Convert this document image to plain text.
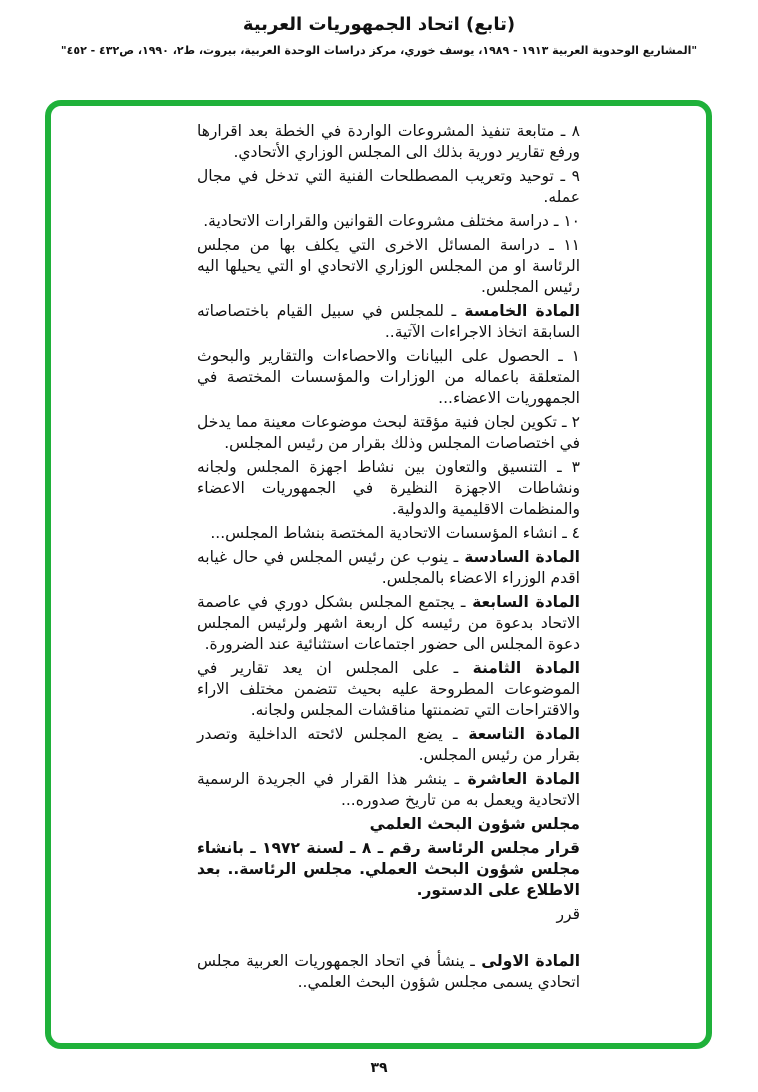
(تابع) اتحاد الجمهوريات العربية
"المشاريع الوحدوية العربية ١٩١٣ - ١٩٨٩، يوسف خوري، مركز دراسات الوحدة العربية، بيروت، ط٢، ١٩٩٠، ص٤٣٢ - ٤٥٢"

٨ ـ متابعة تنفيذ المشروعات الواردة في الخطة بعد اقرارها ورفع تقارير دورية بذلك الى المجلس الوزاري الأتحادي.

٩ ـ توحيد وتعريب المصطلحات الفنية التي تدخل في مجال عمله.

١٠ ـ دراسة مختلف مشروعات القوانين والقرارات الاتحادية.

١١ ـ دراسة المسائل الاخرى التي يكلف بها من مجلس الرئاسة او من المجلس الوزاري الاتحادي او التي يحيلها اليه رئيس المجلس.

المادة الخامسة ـ للمجلس في سبيل القيام باختصاصاته السابقة اتخاذ الاجراءات الآتية..

١ ـ الحصول على البيانات والاحصاءات والتقارير والبحوث المتعلقة باعماله من الوزارات والمؤسسات المختصة في الجمهوريات الاعضاء...

٢ ـ تكوين لجان فنية مؤقتة لبحث موضوعات معينة مما يدخل في اختصاصات المجلس وذلك بقرار من رئيس المجلس.

٣ ـ التنسيق والتعاون بين نشاط اجهزة المجلس ولجانه ونشاطات الاجهزة النظيرة في الجمهوريات الاعضاء والمنظمات الاقليمية والدولية.

٤ ـ انشاء المؤسسات الاتحادية المختصة بنشاط المجلس...

المادة السادسة ـ ينوب عن رئيس المجلس في حال غيابه اقدم الوزراء الاعضاء بالمجلس.

المادة السابعة ـ يجتمع المجلس بشكل دوري في عاصمة الاتحاد بدعوة من رئيسه كل اربعة اشهر ولرئيس المجلس دعوة المجلس الى حضور اجتماعات استثنائية عند الضرورة.

المادة الثامنة ـ على المجلس ان يعد تقارير في الموضوعات المطروحة عليه بحيث تتضمن مختلف الاراء والاقتراحات التي تضمنتها مناقشات المجلس ولجانه.

المادة التاسعة ـ يضع المجلس لائحته الداخلية وتصدر بقرار من رئيس المجلس.

المادة العاشرة ـ ينشر هذا القرار في الجريدة الرسمية الاتحادية ويعمل به من تاريخ صدوره...

مجلس شؤون البحث العلمي

قرار مجلس الرئاسة رقم ـ ٨ ـ لسنة ١٩٧٢ ـ بانشاء مجلس شؤون البحث العملي. مجلس الرئاسة.. بعد الاطلاع على الدستور.

قرر

المادة الاولى ـ ينشأ في اتحاد الجمهوريات العربية مجلس اتحادي يسمى مجلس شؤون البحث العلمي..

٣٩
